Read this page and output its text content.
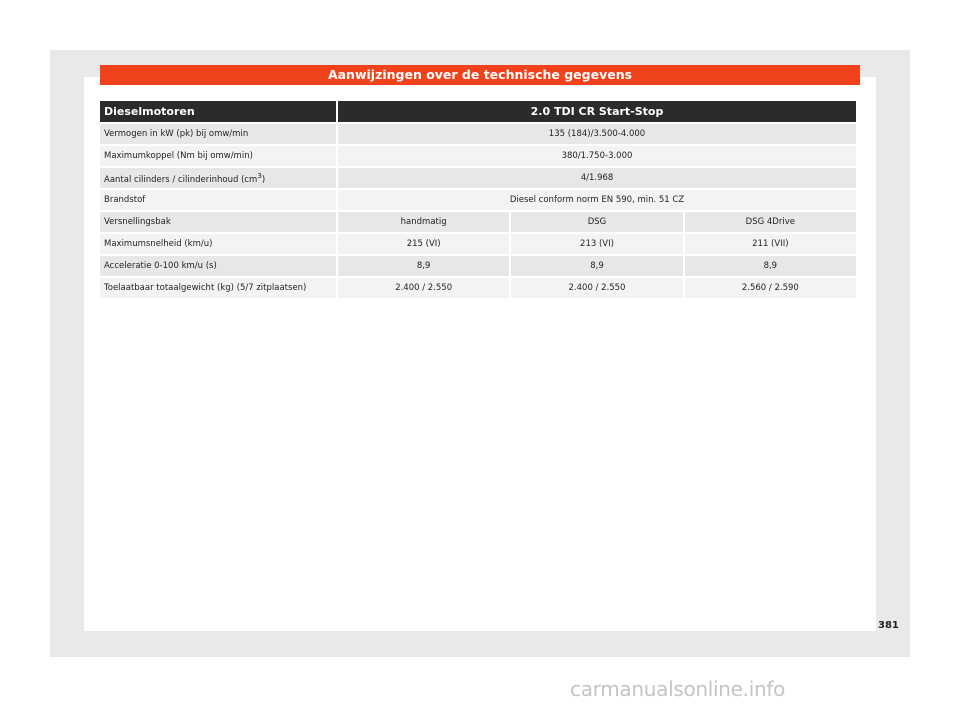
Aanwijzingen over de technische gegevens
Dieselmotoren	2.0 TDI CR Start-Stop		
Vermogen in kW (pk) bij omw/min	135 (184)/3.500-4.000		
Maximumkoppel (Nm bij omw/min)	380/1.750-3.000		
Aantal cilinders / cilinderinhoud $(cm^3)$	4/1.968		
Brandstof	Diesel conform norm EN 590, min. 51 CZ		
Versnellingsbak	handmatig	DSG	DSG 4Drive
Maximumsnelheid (km/u)	215 (VI)	213 (VI)	211 (VII)
Acceleratie 0-100 km/u (s)	8,9	8,9	8,9
Toelaatbaar totaalgewicht (kg) (5/7 zitplaatsen)	2.400 / 2.550	2.400 / 2.550	2.560 / 2.590
381
carmanualsonline.info
